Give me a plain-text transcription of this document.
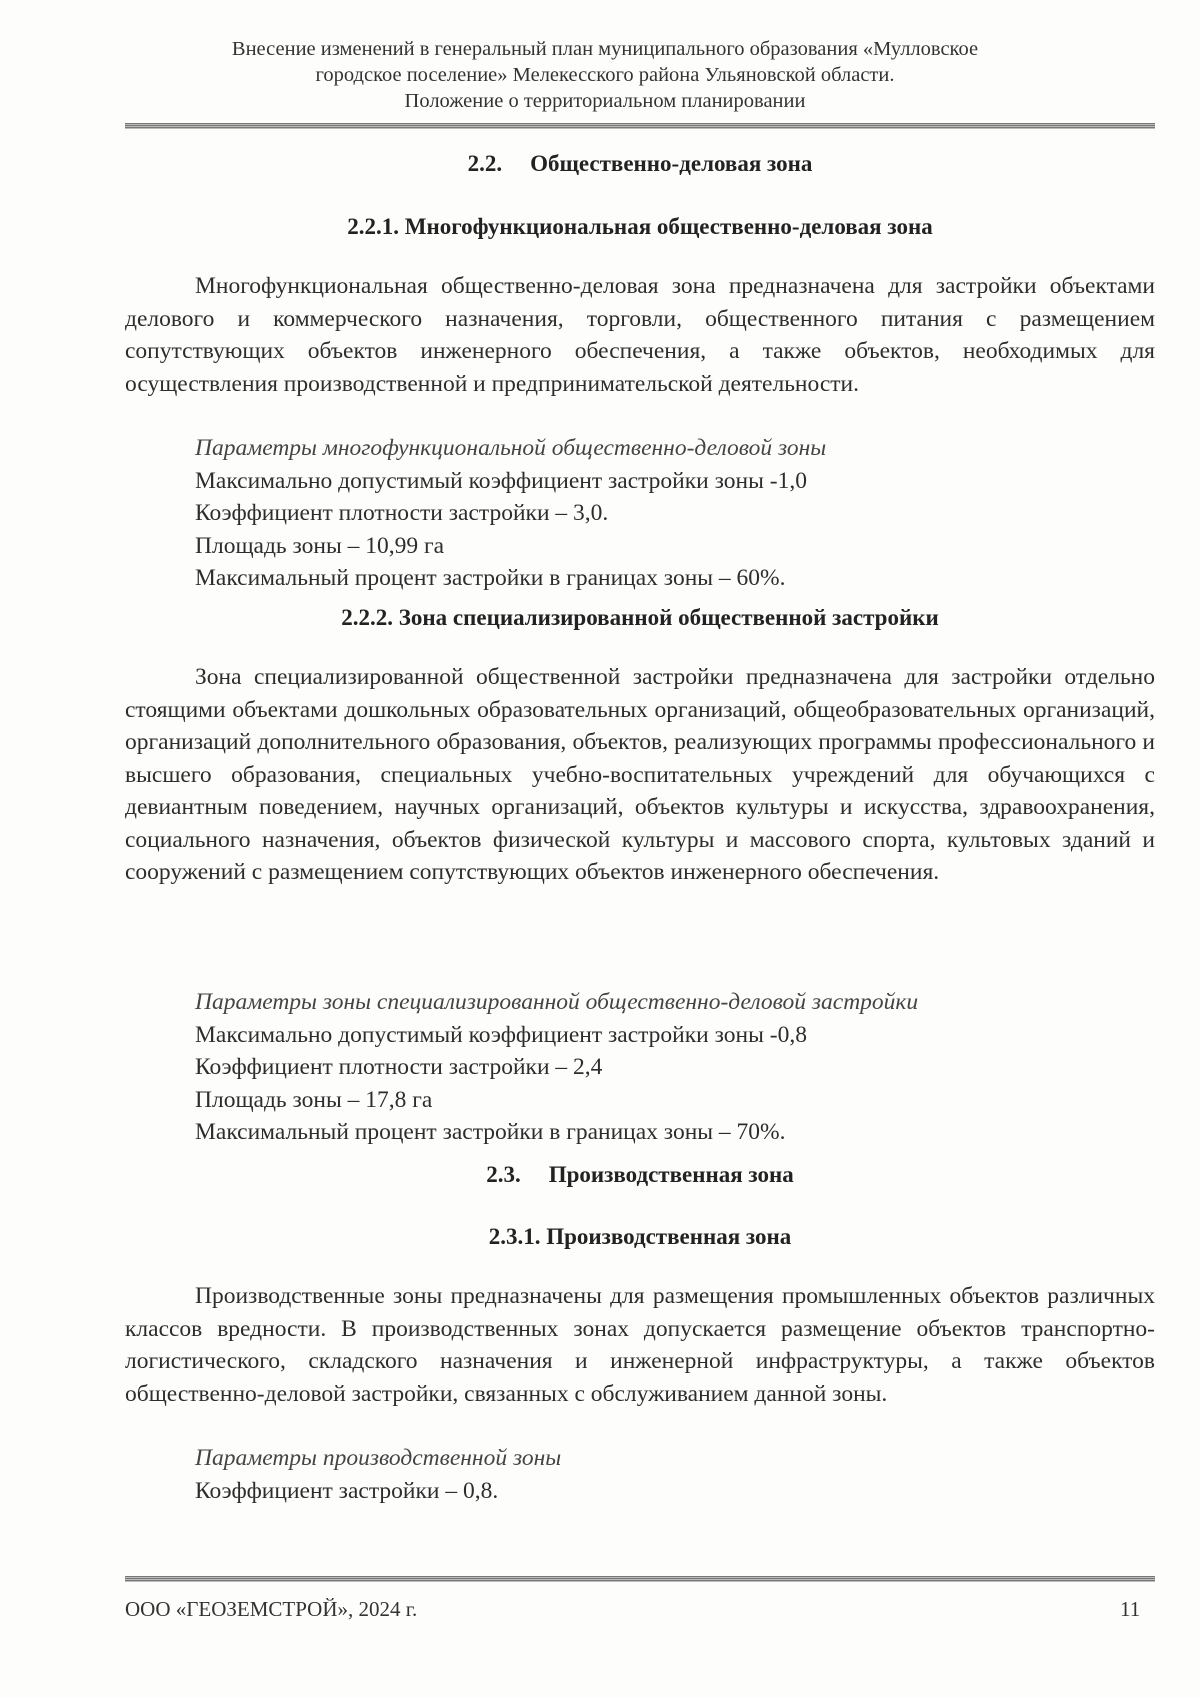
Внесение изменений в генеральный план муниципального образования «Мулловское
городское поселение» Мелекесского района Ульяновской области.
Положение о территориальном планировании
2.2. Общественно-деловая зона
2.2.1. Многофункциональная общественно-деловая зона

Многофункциональная общественно-деловая зона предназначена для застройки объектами делового и коммерческого назначения, торговли, общественного питания с размещением сопутствующих объектов инженерного обеспечения, а также объектов, необходимых для осуществления производственной и предпринимательской деятельности.

Параметры многофункциональной общественно-деловой зоны
Максимально допустимый коэффициент застройки зоны -1,0
Коэффициент плотности застройки – 3,0.
Площадь зоны – 10,99 га
Максимальный процент застройки в границах зоны – 60%.
2.2.2. Зона специализированной общественной застройки

Зона специализированной общественной застройки предназначена для застройки отдельно стоящими объектами дошкольных образовательных организаций, общеобразовательных организаций, организаций дополнительного образования, объектов, реализующих программы профессионального и высшего образования, специальных учебно-воспитательных учреждений для обучающихся с девиантным поведением, научных организаций, объектов культуры и искусства, здравоохранения, социального назначения, объектов физической культуры и массового спорта, культовых зданий и сооружений с размещением сопутствующих объектов инженерного обеспечения.

Параметры зоны специализированной общественно-деловой застройки
Максимально допустимый коэффициент застройки зоны -0,8
Коэффициент плотности застройки – 2,4
Площадь зоны – 17,8 га
Максимальный процент застройки в границах зоны – 70%.
2.3. Производственная зона
2.3.1. Производственная зона

Производственные зоны предназначены для размещения промышленных объектов различных классов вредности. В производственных зонах допускается размещение объектов транспортно-логистического, складского назначения и инженерной инфраструктуры, а также объектов общественно-деловой застройки, связанных с обслуживанием данной зоны.

Параметры производственной зоны
Коэффициент застройки – 0,8.
ООО «ГЕОЗЕМСТРОЙ», 2024 г.	11
